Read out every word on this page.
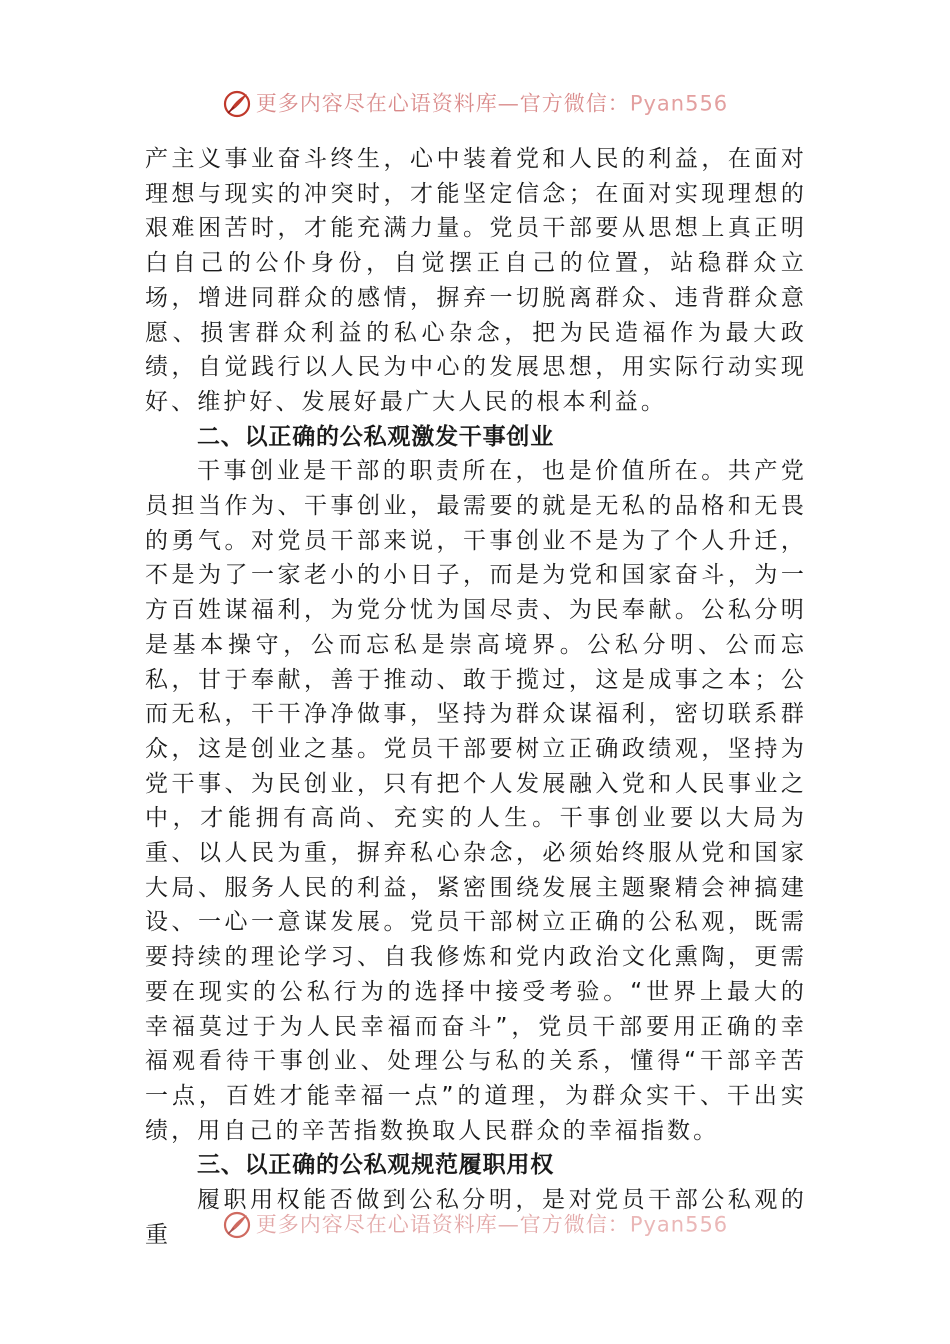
更多内容尽在心语资料库—官方微信：Pyan556

产主义事业奋斗终生，心中装着党和人民的利益，在面对理想与现实的冲突时，才能坚定信念；在面对实现理想的艰难困苦时，才能充满力量。党员干部要从思想上真正明白自己的公仆身份，自觉摆正自己的位置，站稳群众立场，增进同群众的感情，摒弃一切脱离群众、违背群众意愿、损害群众利益的私心杂念，把为民造福作为最大政绩，自觉践行以人民为中心的发展思想，用实际行动实现好、维护好、发展好最广大人民的根本利益。

二、以正确的公私观激发干事创业

干事创业是干部的职责所在，也是价值所在。共产党员担当作为、干事创业，最需要的就是无私的品格和无畏的勇气。对党员干部来说，干事创业不是为了个人升迁，不是为了一家老小的小日子，而是为党和国家奋斗，为一方百姓谋福利，为党分忧为国尽责、为民奉献。公私分明是基本操守，公而忘私是崇高境界。公私分明、公而忘私，甘于奉献，善于推动、敢于揽过，这是成事之本；公而无私，干干净净做事，坚持为群众谋福利，密切联系群众，这是创业之基。党员干部要树立正确政绩观，坚持为党干事、为民创业，只有把个人发展融入党和人民事业之中，才能拥有高尚、充实的人生。干事创业要以大局为重、以人民为重，摒弃私心杂念，必须始终服从党和国家大局、服务人民的利益，紧密围绕发展主题聚精会神搞建设、一心一意谋发展。党员干部树立正确的公私观，既需要持续的理论学习、自我修炼和党内政治文化熏陶，更需要在现实的公私行为的选择中接受考验。“世界上最大的幸福莫过于为人民幸福而奋斗”，党员干部要用正确的幸福观看待干事创业、处理公与私的关系，懂得“干部辛苦一点，百姓才能幸福一点”的道理，为群众实干、干出实绩，用自己的辛苦指数换取人民群众的幸福指数。

三、以正确的公私观规范履职用权

履职用权能否做到公私分明，是对党员干部公私观的重	更多内容尽在心语资料库—官方微信：Pyan556
